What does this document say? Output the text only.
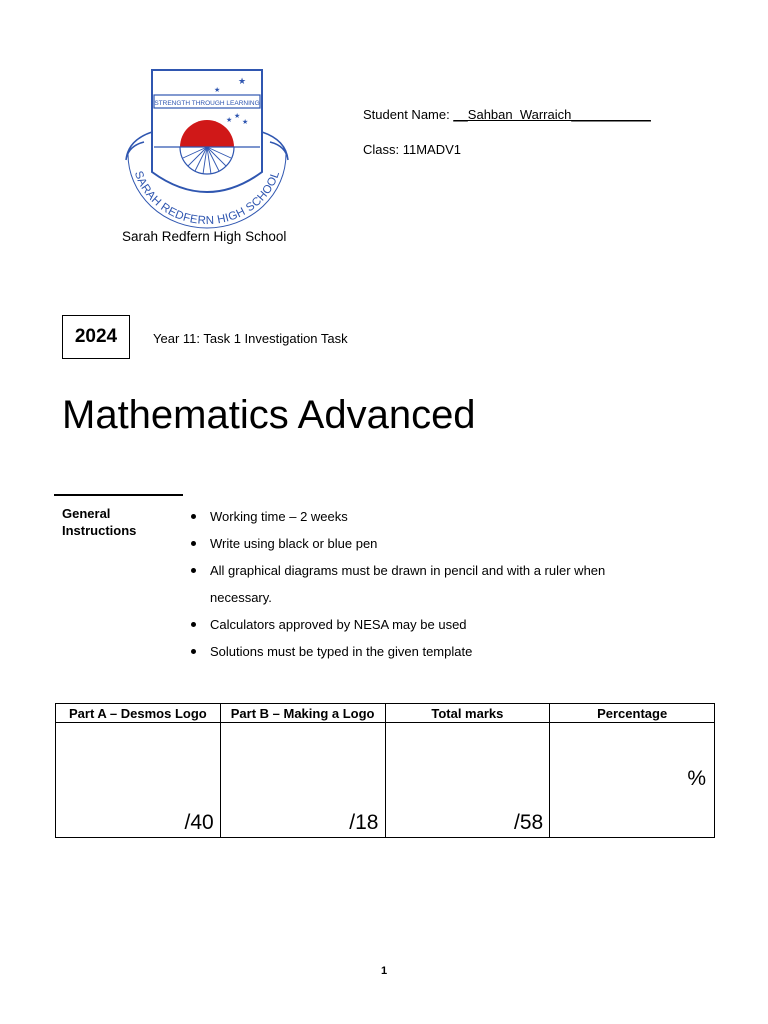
STRENGTH THROUGH LEARNING
★
★
★
★
★
SARAH REDFERN HIGH SCHOOL
Sarah Redfern High School
Student Name: __Sahban  Warraich___________
Class: 11MADV1
2024	Year 11: Task 1 Investigation Task
Mathematics Advanced
General Instructions
Working time – 2 weeks
Write using black or blue pen
All graphical diagrams must be drawn in pencil and with a ruler when necessary.
Calculators approved by NESA may be used
Solutions must be typed in the given template
Part A – Desmos Logo	Part B – Making a Logo	Total marks	Percentage

/40	/18	/58	%
1
